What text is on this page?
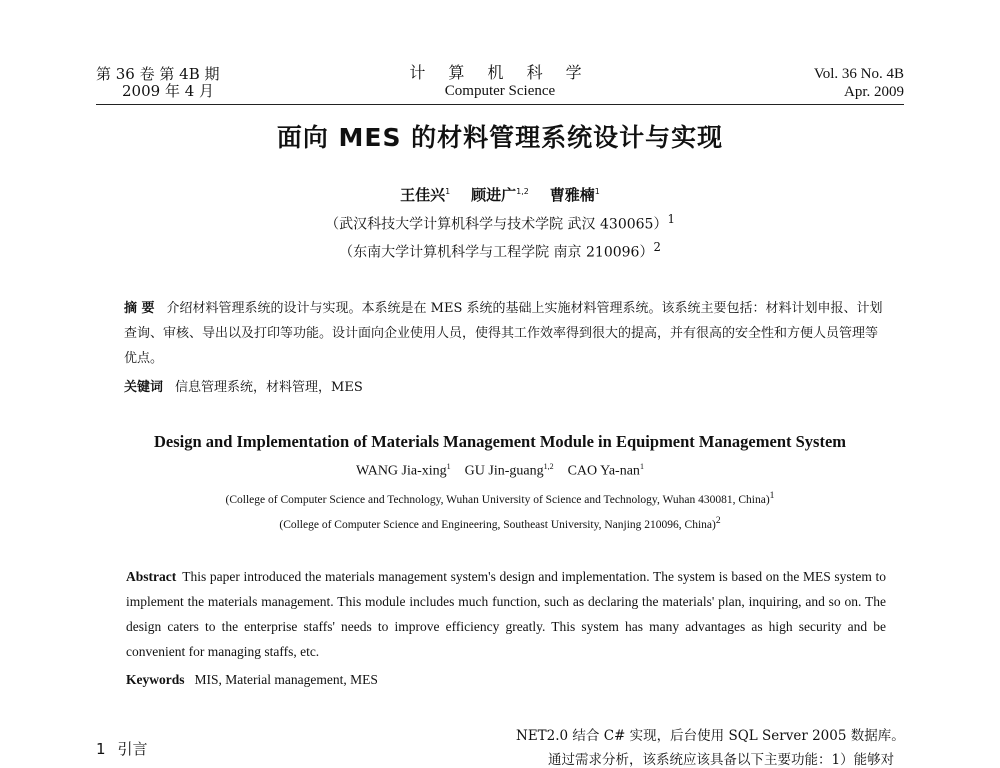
第 36 卷 第 4B 期
2009 年 4 月
计 算 机 科 学
Computer Science
Vol. 36 No. 4B
Apr. 2009
面向 MES 的材料管理系统设计与实现
王佳兴$^1$ 顾进广$^{1,2}$ 曹雅楠$^1$
（武汉科技大学计算机科学与技术学院 武汉 430065）$^1$
（东南大学计算机科学与工程学院 南京 210096）$^2$
摘 要 介绍材料管理系统的设计与实现。本系统是在 MES 系统的基础上实施材料管理系统。该系统主要包括：材料计划申报、计划查询、审核、导出以及打印等功能。设计面向企业使用人员，使得其工作效率得到很大的提高，并有很高的安全性和方便人员管理等优点。
关键词 信息管理系统，材料管理，MES
Design and Implementation of Materials Management Module in Equipment Management System
WANG Jia-xing$^1$ GU Jin-guang$^{1,2}$ CAO Ya-nan$^1$
(College of Computer Science and Technology, Wuhan University of Science and Technology, Wuhan 430081, China)$^1$
(College of Computer Science and Engineering, Southeast University, Nanjing 210096, China)$^2$
Abstract This paper introduced the materials management system's design and implementation. The system is based on the MES system to implement the materials management. This module includes much function, such as declaring the materials' plan, inquiring, and so on. The design caters to the enterprise staffs' needs to improve efficiency greatly. This system has many advantages as high security and be convenient for managing staffs, etc.
Keywords MIS, Material management, MES
1 引言
NET2.0 结合 C# 实现，后台使用 SQL Server 2005 数据库。
通过需求分析，该系统应该具备以下主要功能：1）能够对
